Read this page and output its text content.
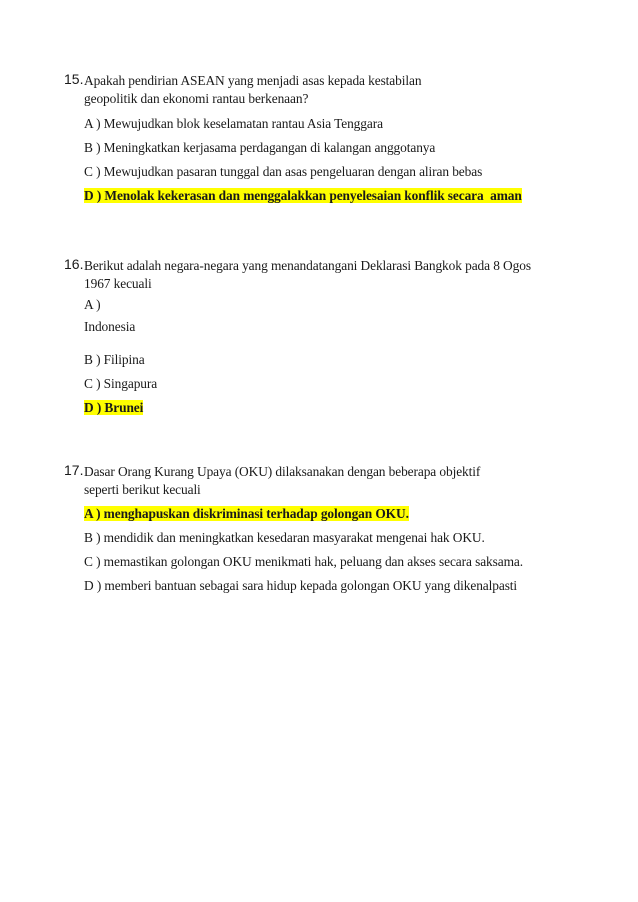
15. Apakah pendirian ASEAN yang menjadi asas kepada kestabilan
geopolitik dan ekonomi rantau berkenaan?
A ) Mewujudkan blok keselamatan rantau Asia Tenggara
B ) Meningkatkan kerjasama perdagangan di kalangan anggotanya
C ) Mewujudkan pasaran tunggal dan asas pengeluaran dengan aliran bebas
D ) Menolak kekerasan dan menggalakkan penyelesaian konflik secara aman
16. Berikut adalah negara-negara yang menandatangani Deklarasi Bangkok pada 8 Ogos
1967 kecuali
A )
Indonesia
B ) Filipina
C ) Singapura
D ) Brunei
17. Dasar Orang Kurang Upaya (OKU) dilaksanakan dengan beberapa objektif
seperti berikut kecuali
A ) menghapuskan diskriminasi terhadap golongan OKU.
B ) mendidik dan meningkatkan kesedaran masyarakat mengenai hak OKU.
C ) memastikan golongan OKU menikmati hak, peluang dan akses secara saksama.
D ) memberi bantuan sebagai sara hidup kepada golongan OKU yang dikenalpasti
